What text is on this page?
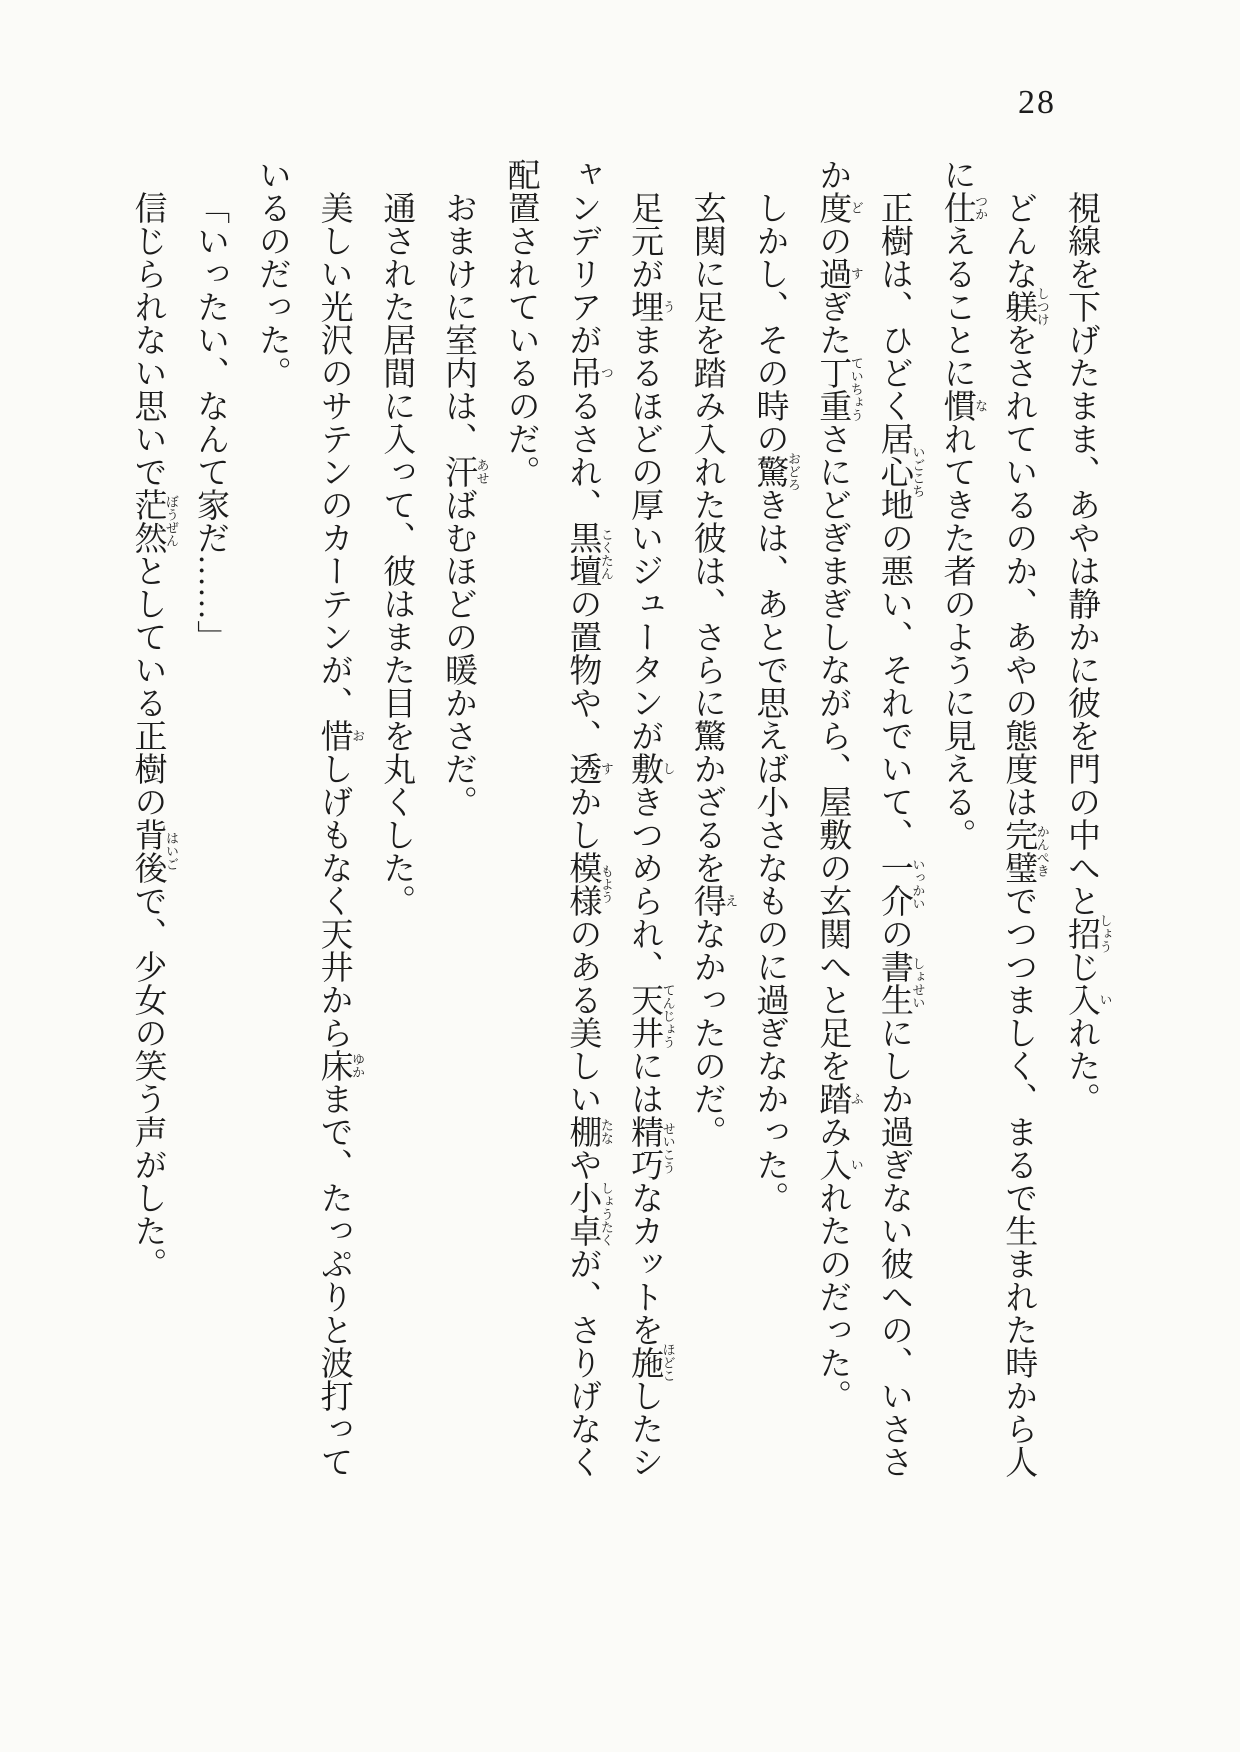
28

視線を下げたまま、あやは静かに彼を門の中へと招しょうじ入いれた。

どんな躾しつけをされているのか、あやの態度は完璧かんぺきでつつましく、まるで生まれた時から人に仕つかえることに慣なれてきた者のように見える。

正樹は、ひどく居心地いごこちの悪い、それでいて、一介いっかいの書生しょせいにしか過ぎない彼への、いささか度どの過すぎた丁重ていちょうさにどぎまぎしながら、屋敷の玄関へと足を踏ふみ入いれたのだった。

しかし、その時の驚おどろきは、あとで思えば小さなものに過ぎなかった。

玄関に足を踏み入れた彼は、さらに驚かざるを得えなかったのだ。

足元が埋うまるほどの厚いジュータンが敷しきつめられ、天井てんじょうには精巧せいこうなカットを施ほどこしたシャンデリアが吊つるされ、黒壇こくたんの置物や、透すかし模様もようのある美しい棚たなや小卓しょうたくが、さりげなく配置されているのだ。

おまけに室内は、汗あせばむほどの暖かさだ。

通された居間に入って、彼はまた目を丸くした。

美しい光沢のサテンのカーテンが、惜おしげもなく天井から床ゆかまで、たっぷりと波打っているのだった。

「いったい、なんて家だ……」

信じられない思いで茫然ぼうぜんとしている正樹の背後はいごで、少女の笑う声がした。
